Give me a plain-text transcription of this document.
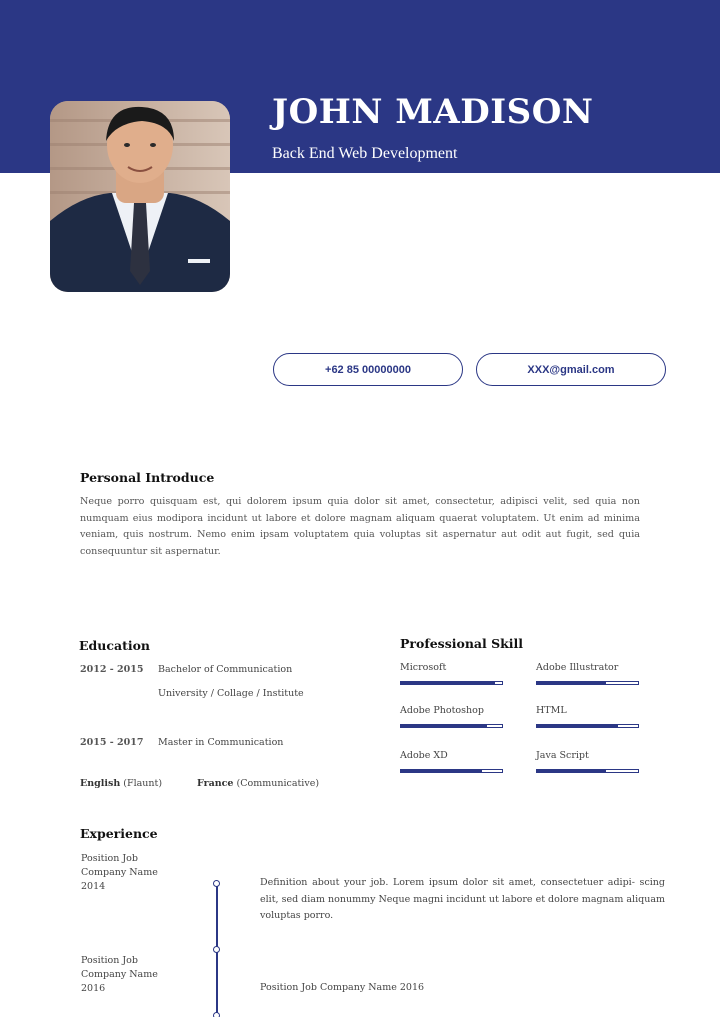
JOHN MADISON
Back End Web Development
+62 85 00000000	XXX@gmail.com
Personal Introduce
Neque porro quisquam est, qui dolorem ipsum quia dolor sit amet, consectetur, adipisci velit, sed quia non numquam eius modipora incidunt ut labore et dolore magnam aliquam quaerat voluptatem. Ut enim ad minima veniam, quis nostrum. Nemo enim ipsam voluptatem quia voluptas sit aspernatur aut odit aut fugit, sed quia consequuntur sit aspernatur.
Education
2012 - 2015 Bachelor of Communication
University / Collage / Institute
2015 - 2017 Master in Communication
English (Flaunt)	France (Communicative)
Professional Skill
Microsoft	Adobe Illustrator
Adobe Photoshop	HTML
Adobe XD	Java Script
Experience
Position Job
Company Name
2014	Definition about your job. Lorem ipsum dolor sit amet, consectetuer adipi- scing elit, sed diam nonummy Neque magni incidunt ut labore et dolore magnam aliquam voluptas porro.
Position Job
Company Name
2016	Position Job Company Name 2016
